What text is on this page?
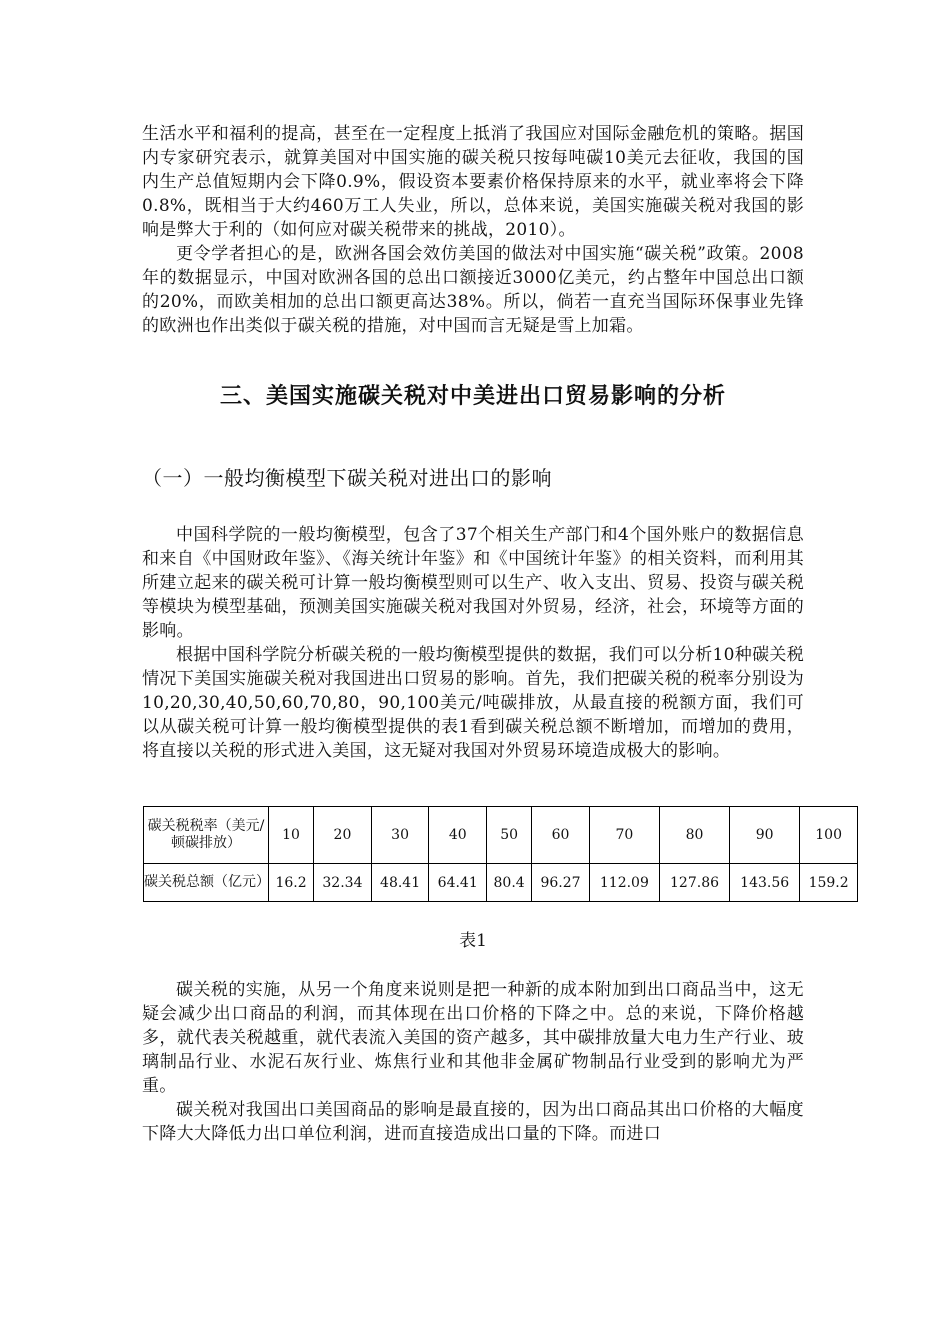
生活水平和福利的提高，甚至在一定程度上抵消了我国应对国际金融危机的策略。据国内专家研究表示，就算美国对中国实施的碳关税只按每吨碳10美元去征收，我国的国内生产总值短期内会下降0.9%，假设资本要素价格保持原来的水平，就业率将会下降0.8%，既相当于大约460万工人失业，所以，总体来说，美国实施碳关税对我国的影响是弊大于利的（如何应对碳关税带来的挑战，2010）。

更令学者担心的是，欧洲各国会效仿美国的做法对中国实施“碳关税”政策。2008年的数据显示，中国对欧洲各国的总出口额接近3000亿美元，约占整年中国总出口额的20%，而欧美相加的总出口额更高达38%。所以，倘若一直充当国际环保事业先锋的欧洲也作出类似于碳关税的措施，对中国而言无疑是雪上加霜。

三、美国实施碳关税对中美进出口贸易影响的分析
（一）一般均衡模型下碳关税对进出口的影响

中国科学院的一般均衡模型，包含了37个相关生产部门和4个国外账户的数据信息和来自《中国财政年鉴》、《海关统计年鉴》和《中国统计年鉴》的相关资料，而利用其所建立起来的碳关税可计算一般均衡模型则可以生产、收入支出、贸易、投资与碳关税等模块为模型基础，预测美国实施碳关税对我国对外贸易，经济，社会，环境等方面的影响。

根据中国科学院分析碳关税的一般均衡模型提供的数据，我们可以分析10种碳关税情况下美国实施碳关税对我国进出口贸易的影响。首先，我们把碳关税的税率分别设为10,20,30,40,50,60,70,80，90,100美元/吨碳排放，从最直接的税额方面，我们可以从碳关税可计算一般均衡模型提供的表1看到碳关税总额不断增加，而增加的费用，将直接以关税的形式进入美国，这无疑对我国对外贸易环境造成极大的影响。

碳关税税率（美元/顿碳排放）	10	20	30	40	50	60	70	80	90	100
碳关税总额（亿元）	16.2	32.34	48.41	64.41	80.4	96.27	112.09	127.86	143.56	159.2
表1

碳关税的实施，从另一个角度来说则是把一种新的成本附加到出口商品当中，这无疑会减少出口商品的利润，而其体现在出口价格的下降之中。总的来说，下降价格越多，就代表关税越重，就代表流入美国的资产越多，其中碳排放量大电力生产行业、玻璃制品行业、水泥石灰行业、炼焦行业和其他非金属矿物制品行业受到的影响尤为严重。

碳关税对我国出口美国商品的影响是最直接的，因为出口商品其出口价格的大幅度下降大大降低力出口单位利润，进而直接造成出口量的下降。而进口
